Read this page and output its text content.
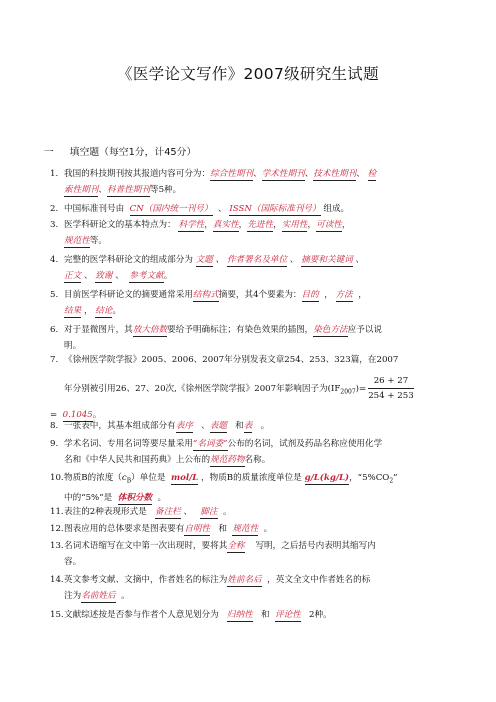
《医学论文写作》2007级研究生试题
一 填空题（每空1分，计45分）
1. 我国的科技期刊按其报道内容可分为：综合性期刊、学术性期刊、技术性期刊、 检
索性期刊、科普性期刊等5种。
2. 中国标准刊号由 CN（国内统一刊号） 、 ISSN（国际标准刊号） 组成。
3. 医学科研论文的基本特点为： 科学性，真实性，先进性，实用性，可读性，
规范性等。
4. 完整的医学科研论文的组成部分为 文题 、 作者署名及单位 、 摘要和关键词 、
正文 、 致谢 、 参考文献。
5. 目前医学科研论文的摘要通常采用结构式摘要，其4个要素为：目的 ， 方法 ，
结果 ， 结论。
6. 对于显微图片，其放大倍数要给予明确标注；有染色效果的插图，染色方法应予以说
明。
7. 《徐州医学院学报》2005、2006、2007年分别发表文章254、253、323篇，在2007
年分别被引用26、27、20次,《徐州医学院学报》2007年影响因子为$(IF_{2007})= \frac{26 + 27}{254 + 253}$
= 0.1045。
8. 一张表中，其基本组成部分有表序 、表题 和表 。
9. 学术名词、专用名词等要尽量采用“名词委”公布的名词，试剂及药品名称应使用化学
名和《中华人民共和国药典》上公布的规范药物名称。
10.物质B的浓度$(c_B)$单位是 mol/L ，物质B的质量浓度单位是 g/L(kg/L)，“$5\%CO_2$”
中的“5%”是 体积分数 。
11.表注的2种表现形式是 备注栏 、 脚注 。
12.图表应用的总体要求是图表要有自明性 和 规范性 。
13.名词术语缩写在文中第一次出现时，要将其全称 写明，之后括号内表明其缩写内
容。
14.英文参考文献、文摘中，作者姓名的标注为姓前名后 ，英文全文中作者姓名的标
注为名前姓后 。
15.文献综述按是否参与作者个人意见划分为 归纳性 和 评论性 2种。
